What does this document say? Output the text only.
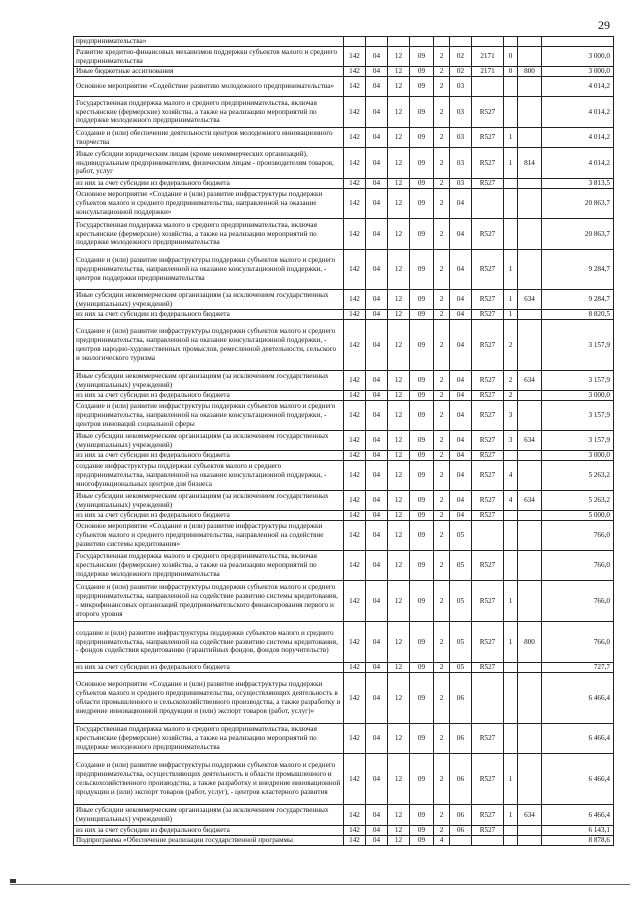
29
предпринимательства»										
Развитие кредитно-финансовых механизмов поддержки субъектов малого и среднего предпринимательства	142	04	12	09	2	02	2171	0		3 000,0
Иные бюджетные ассигнования	142	04	12	09	2	02	2171	0	800	3 000,0
Основное мероприятие «Содействие развитию молодежного предпринимательства»	142	04	12	09	2	03				4 014,2
Государственная поддержка малого и среднего предпринимательства, включая крестьянские (фермерские) хозяйства, а также на реализацию мероприятий по поддержке молодежного предпринимательства	142	04	12	09	2	03	R527			4 014,2
Создание и (или) обеспечение деятельности центров молодежного инновационного творчества	142	04	12	09	2	03	R527	1		4 014,2
Иные субсидии юридическим лицам (кроме некоммерческих организаций), индивидуальным предпринимателям, физическим лицам - производителям товаров, работ, услуг	142	04	12	09	2	03	R527	1	814	4 014,2
из них за счет субсидии из федерального бюджета	142	04	12	09	2	03	R527			3 813,5
Основное мероприятие «Создание и (или) развитие инфраструктуры поддержки субъектов малого и среднего предпринимательства, направленной на оказание консультационной поддержки»	142	04	12	09	2	04				20 863,7
Государственная поддержка малого и среднего предпринимательства, включая крестьянские (фермерские) хозяйства, а также на реализацию мероприятий по поддержке молодежного предпринимательства	142	04	12	09	2	04	R527			20 863,7
Создание и (или) развитие инфраструктуры поддержки субъектов малого и среднего предпринимательства, направленной на оказание консультационной поддержки, - центров поддержки предпринимательства	142	04	12	09	2	04	R527	1		9 284,7
Иные субсидии некоммерческим организациям (за исключением государственных (муниципальных) учреждений)	142	04	12	09	2	04	R527	1	634	9 284,7
из них за счет субсидии из федерального бюджета	142	04	12	09	2	04	R527	1		8 820,5
Создание и (или) развитие инфраструктуры поддержки субъектов малого и среднего предпринимательства, направленной на оказание консультационной поддержки, - центров народно-художественных промыслов, ремесленной деятельности, сельского и экологического туризма	142	04	12	09	2	04	R527	2		3 157,9
Иные субсидии некоммерческим организациям (за исключением государственных (муниципальных) учреждений)	142	04	12	09	2	04	R527	2	634	3 157,9
из них за счет субсидии из федерального бюджета	142	04	12	09	2	04	R527	2		3 000,0
Создание и (или) развитие инфраструктуры поддержки субъектов малого и среднего предпринимательства, направленной на оказание консультационной поддержки, - центров инноваций социальной сферы	142	04	12	09	2	04	R527	3		3 157,9
Иные субсидии некоммерческим организациям (за исключением государственных (муниципальных) учреждений)	142	04	12	09	2	04	R527	3	634	3 157,9
из них за счет субсидии из федерального бюджета	142	04	12	09	2	04	R527			3 000,0
создание инфраструктуры поддержки субъектов малого и среднего предпринимательства, направленной на оказание консультационной поддержки, - многофункциональных центров для бизнеса	142	04	12	09	2	04	R527	4		5 263,2
Иные субсидии некоммерческим организациям (за исключением государственных (муниципальных) учреждений)	142	04	12	09	2	04	R527	4	634	5 263,2
из них за счет субсидии из федерального бюджета	142	04	12	09	2	04	R527			5 000,0
Основное мероприятие «Создание и (или) развитие инфраструктуры поддержки субъектов малого и среднего предпринимательства, направленной на содействие развитию системы кредитования»	142	04	12	09	2	05				766,0
Государственная поддержка малого и среднего предпринимательства, включая крестьянские (фермерские) хозяйства, а также на реализацию мероприятий по поддержке молодежного предпринимательства	142	04	12	09	2	05	R527			766,0
Создание и (или) развитие инфраструктуры поддержки субъектов малого и среднего предпринимательства, направленной на содействие развитию системы кредитования, - микрофинансовых организаций предпринимательского финансирования первого и второго уровня	142	04	12	09	2	05	R527	1		766,0
создание и (или) развитие инфраструктуры поддержки субъектов малого и среднего предпринимательства, направленной на содействие развитию системы кредитования, - фондов содействия кредитованию (гарантийных фондов, фондов поручительств)	142	04	12	09	2	05	R527	1	800	766,0
из них за счет субсидии из федерального бюджета	142	04	12	09	2	05	R527			727,7
Основное мероприятие «Создание и (или) развитие инфраструктуры поддержки субъектов малого и среднего предпринимательства, осуществляющих деятельность в области промышленного и сельскохозяйственного производства, а также разработку и внедрение инновационной продукции и (или) экспорт товаров (работ, услуг)»	142	04	12	09	2	06				6 466,4
Государственная поддержка малого и среднего предпринимательства, включая крестьянские (фермерские) хозяйства, а также на реализацию мероприятий по поддержке молодежного предпринимательства	142	04	12	09	2	06	R527			6 466,4
Создание и (или) развитие инфраструктуры поддержки субъектов малого и среднего предпринимательства, осуществляющих деятельность в области промышленного и сельскохозяйственного производства, а также разработку и внедрение инновационной продукции и (или) экспорт товаров (работ, услуг), - центров кластерного развития	142	04	12	09	2	06	R527	1		6 466,4
Иные субсидии некоммерческим организациям (за исключением государственных (муниципальных) учреждений)	142	04	12	09	2	06	R527	1	634	6 466,4
из них за счет субсидии из федерального бюджета	142	04	12	09	2	06	R527			6 143,1
Подпрограмма «Обеспечение реализации государственной программы	142	04	12	09	4					8 878,6
